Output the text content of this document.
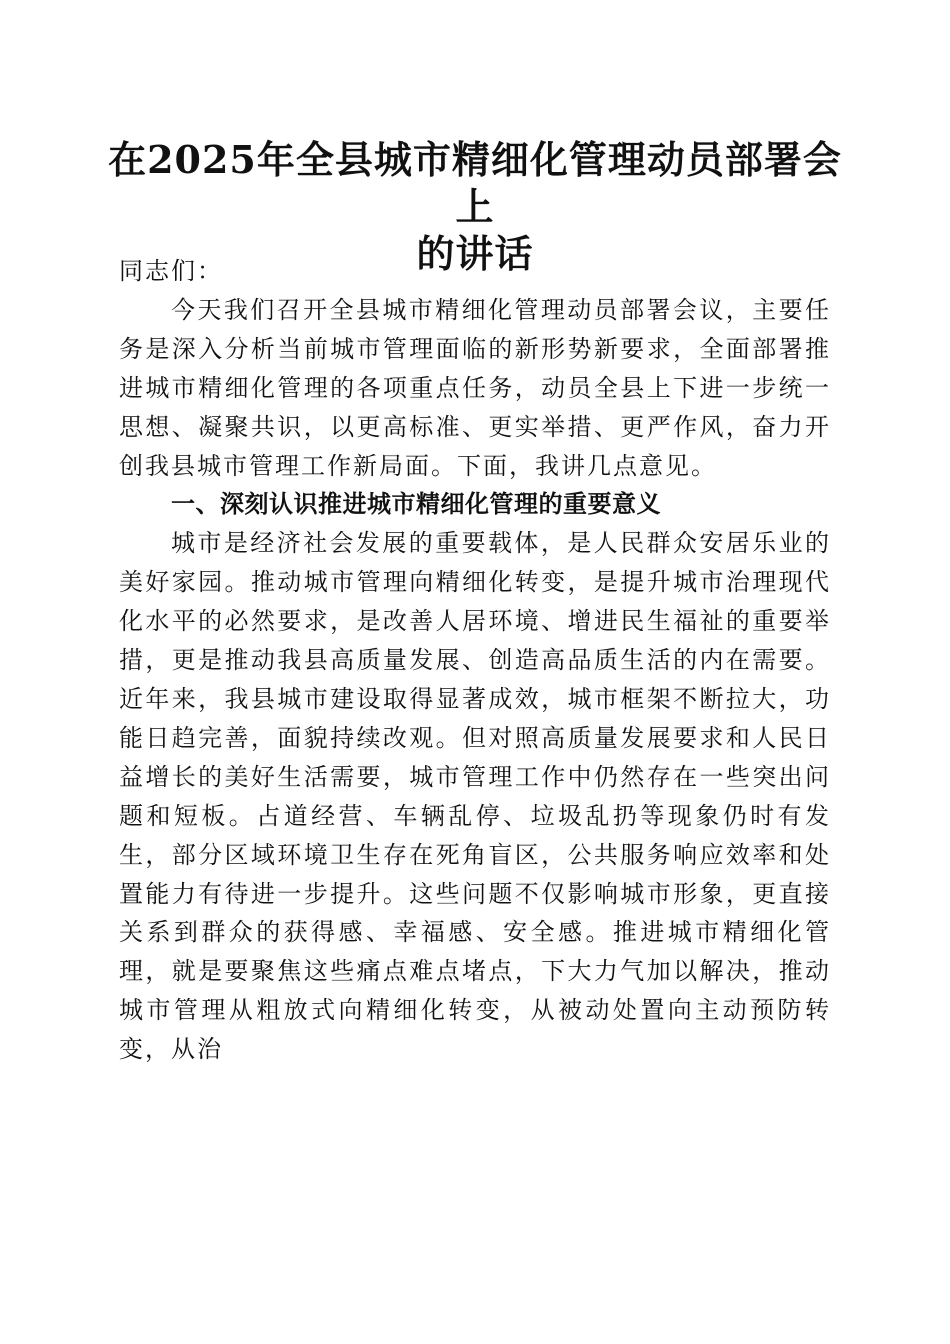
在2025年全县城市精细化管理动员部署会上
的讲话

同志们：

今天我们召开全县城市精细化管理动员部署会议，主要任务是深入分析当前城市管理面临的新形势新要求，全面部署推进城市精细化管理的各项重点任务，动员全县上下进一步统一思想、凝聚共识，以更高标准、更实举措、更严作风，奋力开创我县城市管理工作新局面。下面，我讲几点意见。

一、深刻认识推进城市精细化管理的重要意义

城市是经济社会发展的重要载体，是人民群众安居乐业的美好家园。推动城市管理向精细化转变，是提升城市治理现代化水平的必然要求，是改善人居环境、增进民生福祉的重要举措，更是推动我县高质量发展、创造高品质生活的内在需要。近年来，我县城市建设取得显著成效，城市框架不断拉大，功能日趋完善，面貌持续改观。但对照高质量发展要求和人民日益增长的美好生活需要，城市管理工作中仍然存在一些突出问题和短板。占道经营、车辆乱停、垃圾乱扔等现象仍时有发生，部分区域环境卫生存在死角盲区，公共服务响应效率和处置能力有待进一步提升。这些问题不仅影响城市形象，更直接关系到群众的获得感、幸福感、安全感。推进城市精细化管理，就是要聚焦这些痛点难点堵点，下大力气加以解决，推动城市管理从粗放式向精细化转变，从被动处置向主动预防转变，从治
